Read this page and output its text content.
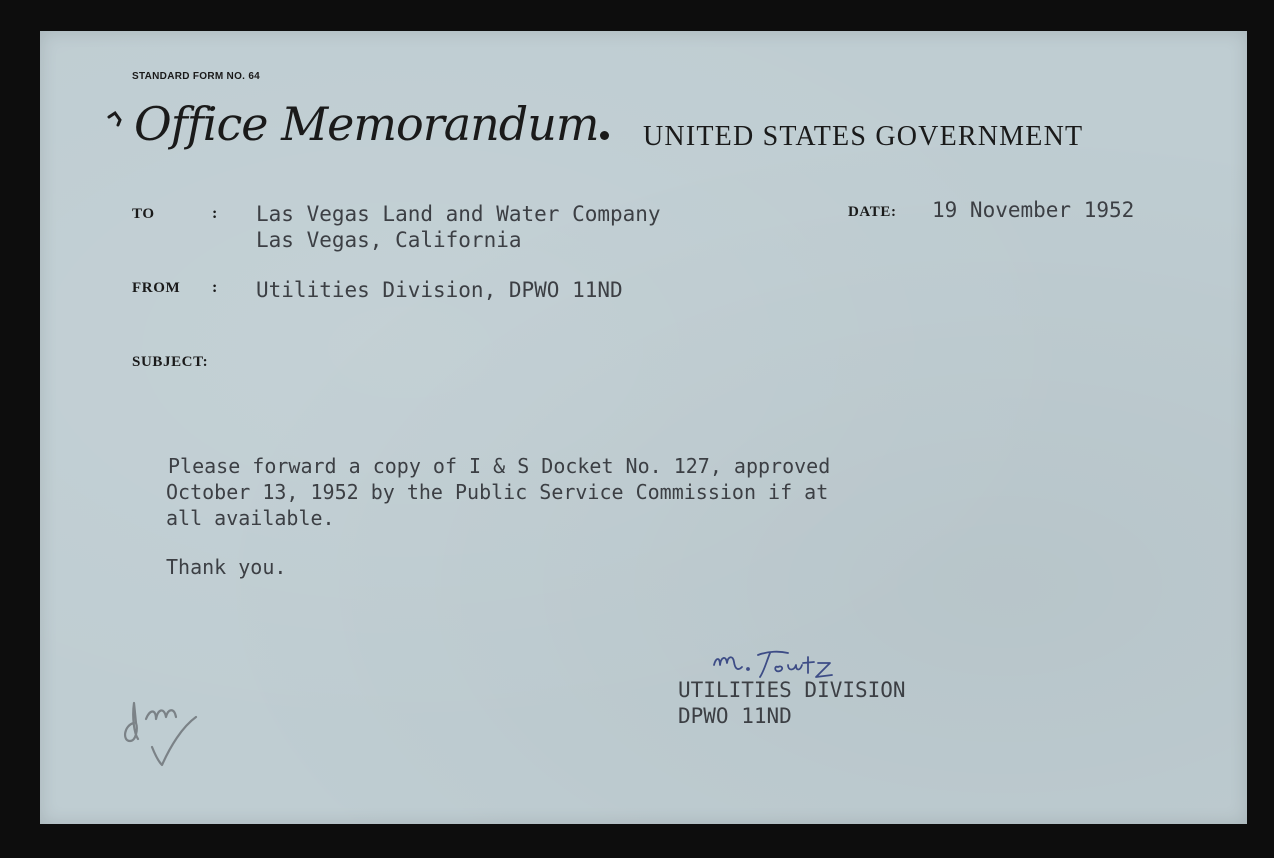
STANDARD FORM NO. 64
Office Memorandum UNITED STATES GOVERNMENT
TO	: Las Vegas Land and Water Company
Las Vegas, California
DATE: 19 November 1952
FROM : Utilities Division, DPWO 11ND
SUBJECT:
Please forward a copy of I & S Docket No. 127, approved
October 13, 1952 by the Public Service Commission if at
all available.
Thank you.
UTILITIES DIVISION
DPWO 11ND
